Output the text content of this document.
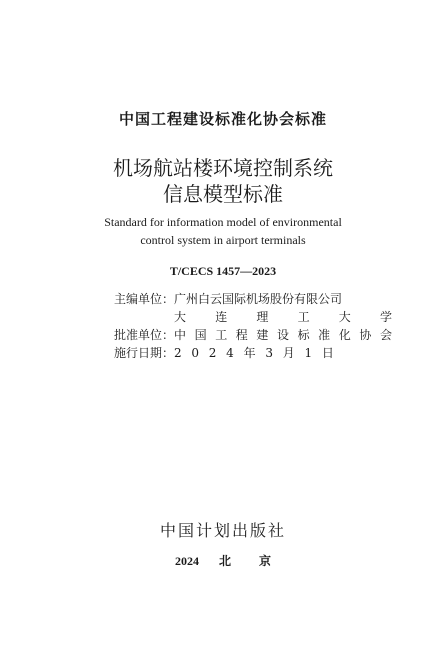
中国工程建设标准化协会标准
机场航站楼环境控制系统
信息模型标准
Standard for information model of environmental
control system in airport terminals
T/CECS 1457—2023
主编单位： 广州白云国际机场股份有限公司
大 连 理 工 大 学
批准单位： 中 国 工 程 建 设 标 准 化 协 会
施行日期： 2 0 2 4 年 3 月 1 日
中国计划出版社
2024 北 京
